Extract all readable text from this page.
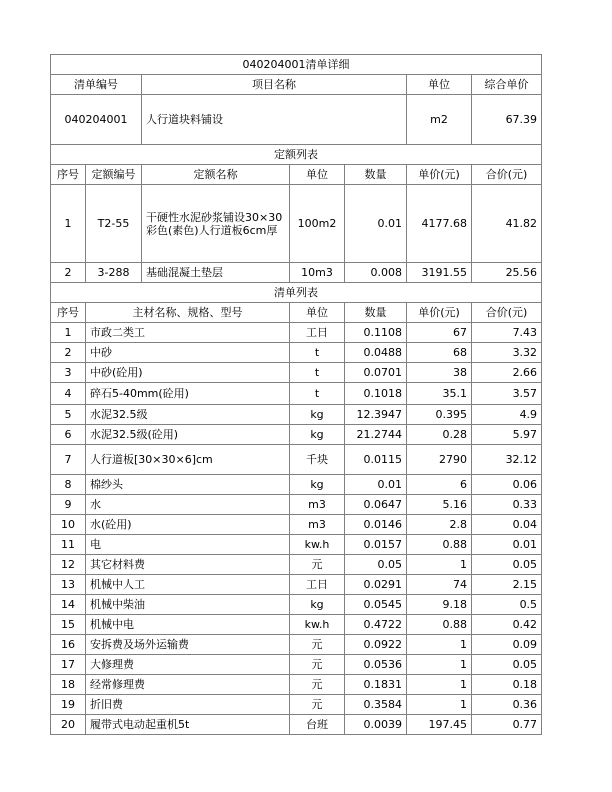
040204001清单详细						
清单编号		项目名称			单位	综合单价
040204001		人行道块料铺设			m2	67.39
定额列表						
序号	定额编号	定额名称	单位	数量	单价(元)	合价(元)
1	T2-55	干硬性水泥砂浆铺设30×30彩色(素色)人行道板6cm厚	100m2	0.01	4177.68	41.82
2	3-288	基础混凝土垫层	10m3	0.008	3191.55	25.56
清单列表						
序号	主材名称、规格、型号		单位	数量	单价(元)	合价(元)
1	市政二类工		工日	0.1108	67	7.43
2	中砂		t	0.0488	68	3.32
3	中砂(砼用)		t	0.0701	38	2.66
4	碎石5-40mm(砼用)		t	0.1018	35.1	3.57
5	水泥32.5级		kg	12.3947	0.395	4.9
6	水泥32.5级(砼用)		kg	21.2744	0.28	5.97
7	人行道板[30×30×6]cm		千块	0.0115	2790	32.12
8	棉纱头		kg	0.01	6	0.06
9	水		m3	0.0647	5.16	0.33
10	水(砼用)		m3	0.0146	2.8	0.04
11	电		kw.h	0.0157	0.88	0.01
12	其它材料费		元	0.05	1	0.05
13	机械中人工		工日	0.0291	74	2.15
14	机械中柴油		kg	0.0545	9.18	0.5
15	机械中电		kw.h	0.4722	0.88	0.42
16	安拆费及场外运输费		元	0.0922	1	0.09
17	大修理费		元	0.0536	1	0.05
18	经常修理费		元	0.1831	1	0.18
19	折旧费		元	0.3584	1	0.36
20	履带式电动起重机5t		台班	0.0039	197.45	0.77
